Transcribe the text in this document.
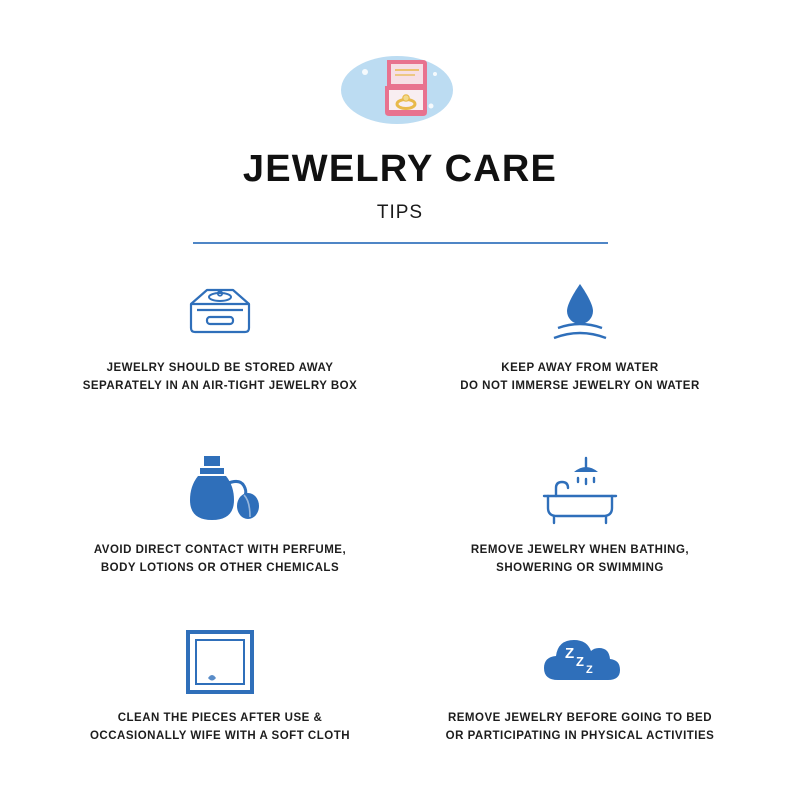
JEWELRY CARE
TIPS
JEWELRY SHOULD BE STORED AWAY
SEPARATELY IN AN AIR-TIGHT JEWELRY BOX
KEEP AWAY FROM WATER
DO NOT IMMERSE JEWELRY ON WATER
AVOID DIRECT CONTACT WITH PERFUME,
BODY LOTIONS OR OTHER CHEMICALS
REMOVE JEWELRY WHEN BATHING,
SHOWERING OR SWIMMING
CLEAN THE PIECES AFTER USE &
OCCASIONALLY WIFE WITH A SOFT CLOTH
Z Z
Z
REMOVE JEWELRY BEFORE GOING TO BED
OR PARTICIPATING IN PHYSICAL ACTIVITIES
